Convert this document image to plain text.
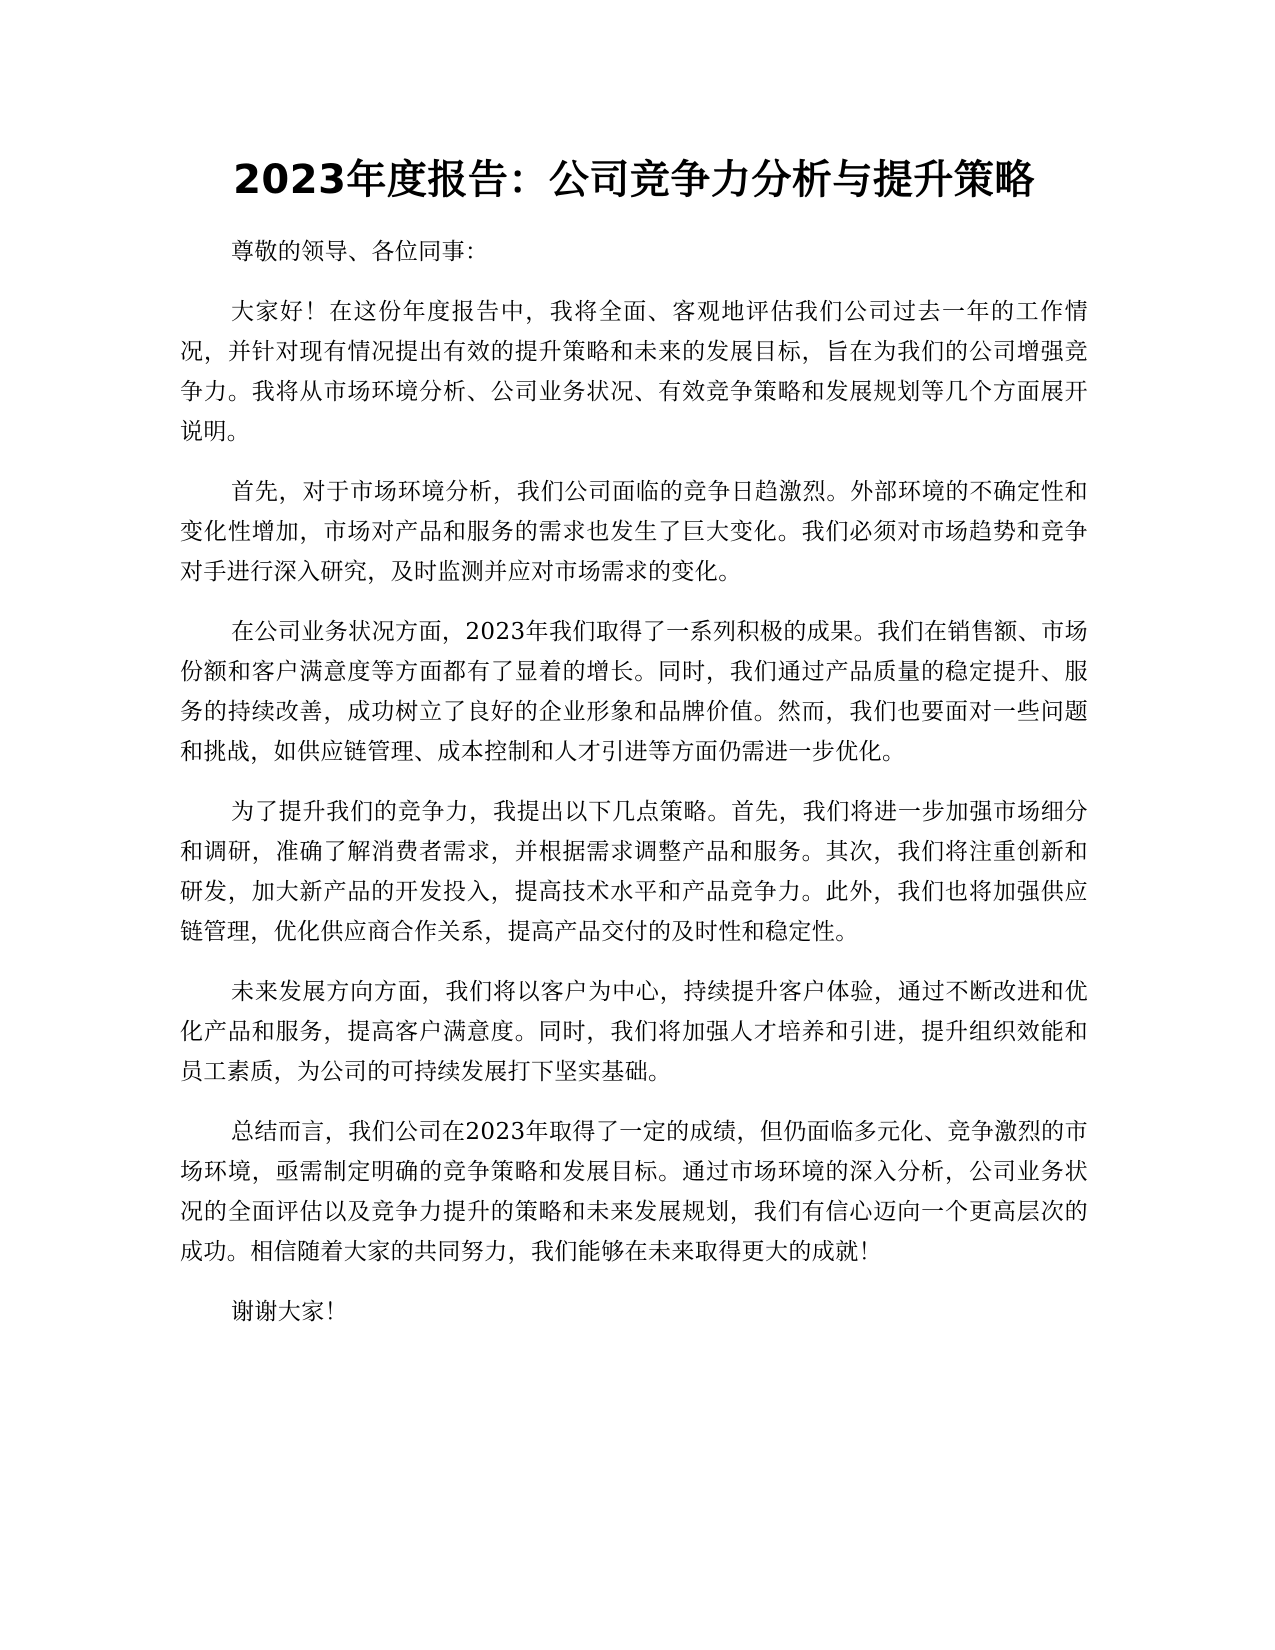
2023年度报告：公司竞争力分析与提升策略

尊敬的领导、各位同事：

大家好！在这份年度报告中，我将全面、客观地评估我们公司过去一年的工作情况，并针对现有情况提出有效的提升策略和未来的发展目标，旨在为我们的公司增强竞争力。我将从市场环境分析、公司业务状况、有效竞争策略和发展规划等几个方面展开说明。

首先，对于市场环境分析，我们公司面临的竞争日趋激烈。外部环境的不确定性和变化性增加，市场对产品和服务的需求也发生了巨大变化。我们必须对市场趋势和竞争对手进行深入研究，及时监测并应对市场需求的变化。

在公司业务状况方面，2023年我们取得了一系列积极的成果。我们在销售额、市场份额和客户满意度等方面都有了显着的增长。同时，我们通过产品质量的稳定提升、服务的持续改善，成功树立了良好的企业形象和品牌价值。然而，我们也要面对一些问题和挑战，如供应链管理、成本控制和人才引进等方面仍需进一步优化。

为了提升我们的竞争力，我提出以下几点策略。首先，我们将进一步加强市场细分和调研，准确了解消费者需求，并根据需求调整产品和服务。其次，我们将注重创新和研发，加大新产品的开发投入，提高技术水平和产品竞争力。此外，我们也将加强供应链管理，优化供应商合作关系，提高产品交付的及时性和稳定性。

未来发展方向方面，我们将以客户为中心，持续提升客户体验，通过不断改进和优化产品和服务，提高客户满意度。同时，我们将加强人才培养和引进，提升组织效能和员工素质，为公司的可持续发展打下坚实基础。

总结而言，我们公司在2023年取得了一定的成绩，但仍面临多元化、竞争激烈的市场环境，亟需制定明确的竞争策略和发展目标。通过市场环境的深入分析，公司业务状况的全面评估以及竞争力提升的策略和未来发展规划，我们有信心迈向一个更高层次的成功。相信随着大家的共同努力，我们能够在未来取得更大的成就！

谢谢大家！
